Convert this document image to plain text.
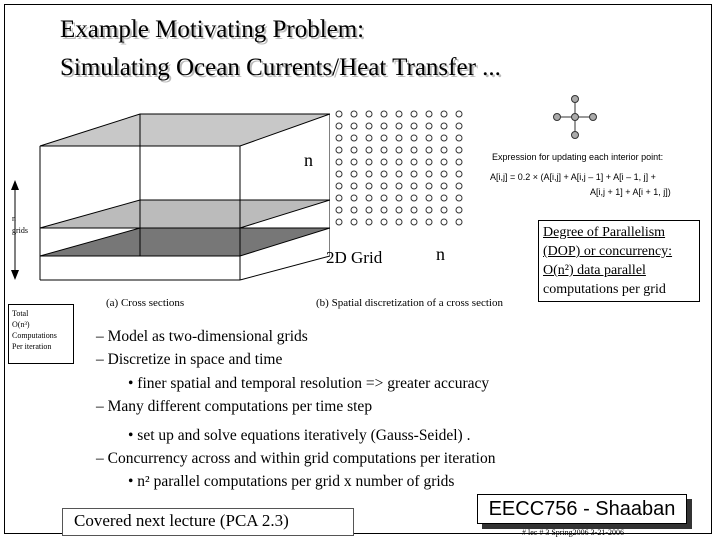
Example Motivating Problem:
Simulating Ocean Currents/Heat Transfer ...
n
grids
n
n
2D Grid
Expression for updating each interior point:
A[i,j] = 0.2 × (A[i,j] + A[i,j – 1] + A[i – 1, j] +
A[i,j + 1] + A[i + 1, j])
Degree of Parallelism
(DOP) or concurrency:
O(n²) data parallel
computations per grid
(a) Cross sections	(b) Spatial discretization of a cross section
Total
O(n³)
Computations
Per iteration
– Model as two-dimensional grids
– Discretize in space and time
• finer spatial and temporal resolution => greater accuracy
– Many different computations per time step
• set up and solve equations iteratively (Gauss-Seidel) .
– Concurrency across and within grid computations per iteration
• n² parallel computations per grid x number of grids
Covered next lecture (PCA 2.3)
EECC756 - Shaaban
# lec # 3 Spring2006 3-21-2006
